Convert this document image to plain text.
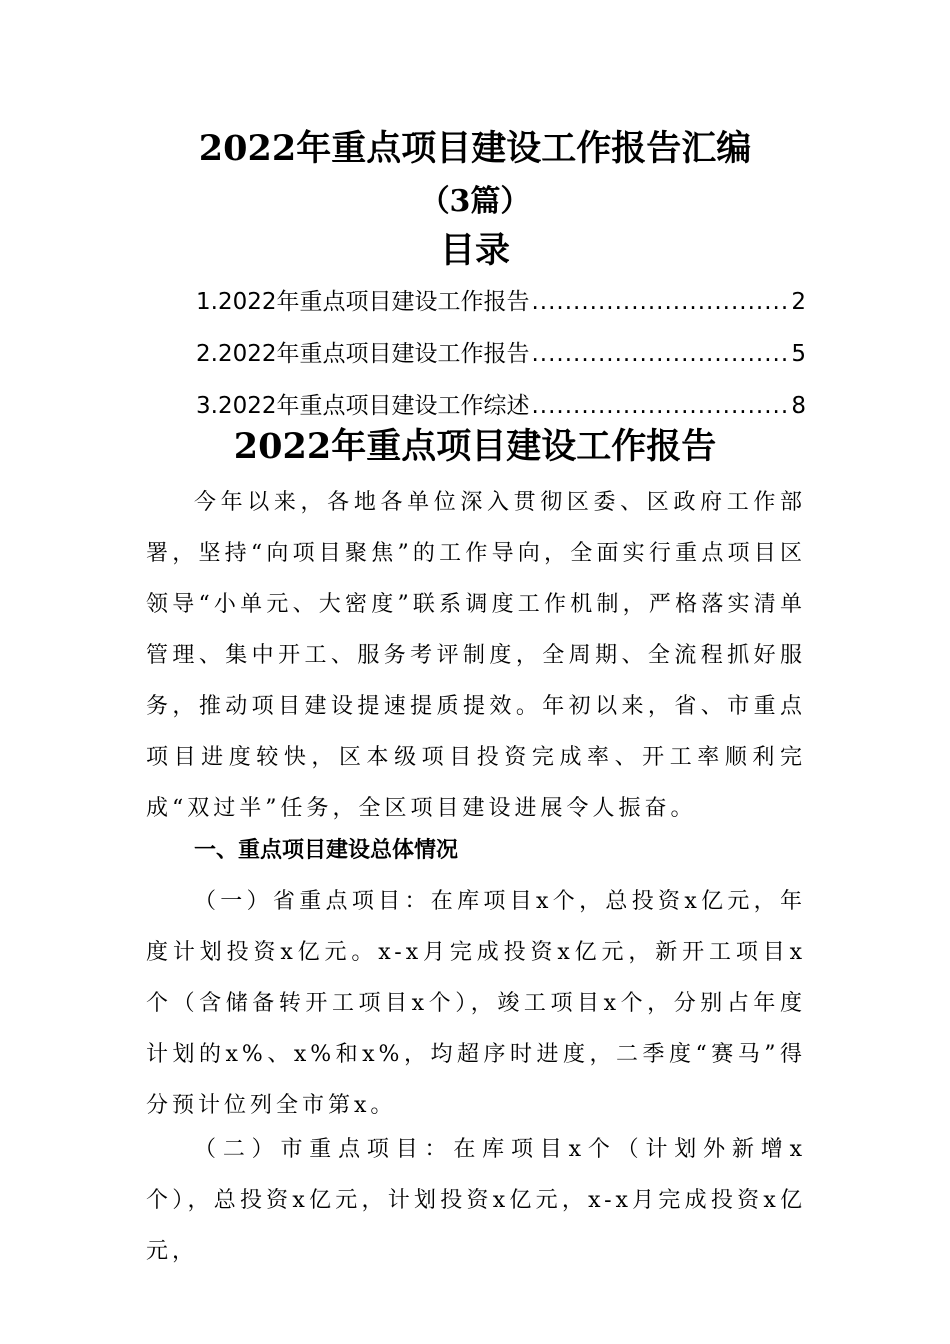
2022年重点项目建设工作报告汇编
（3篇）
目录
1.2022年重点项目建设工作报告 .....	2
2.2022年重点项目建设工作报告 .....	5
3.2022年重点项目建设工作综述 .....	8
2022年重点项目建设工作报告

今年以来，各地各单位深入贯彻区委、区政府工作部署，坚持“向项目聚焦”的工作导向，全面实行重点项目区领导“小单元、大密度”联系调度工作机制，严格落实清单管理、集中开工、服务考评制度，全周期、全流程抓好服务，推动项目建设提速提质提效。年初以来，省、市重点项目进度较快，区本级项目投资完成率、开工率顺利完成“双过半”任务，全区项目建设进展令人振奋。

一、重点项目建设总体情况

（一）省重点项目：在库项目x个，总投资x亿元，年度计划投资x亿元。x-x月完成投资x亿元，新开工项目x个（含储备转开工项目x个），竣工项目x个，分别占年度计划的x%、x%和x%，均超序时进度，二季度“赛马”得分预计位列全市第x。

（二）市重点项目：在库项目x个（计划外新增x个），总投资x亿元，计划投资x亿元，x-x月完成投资x亿元，
